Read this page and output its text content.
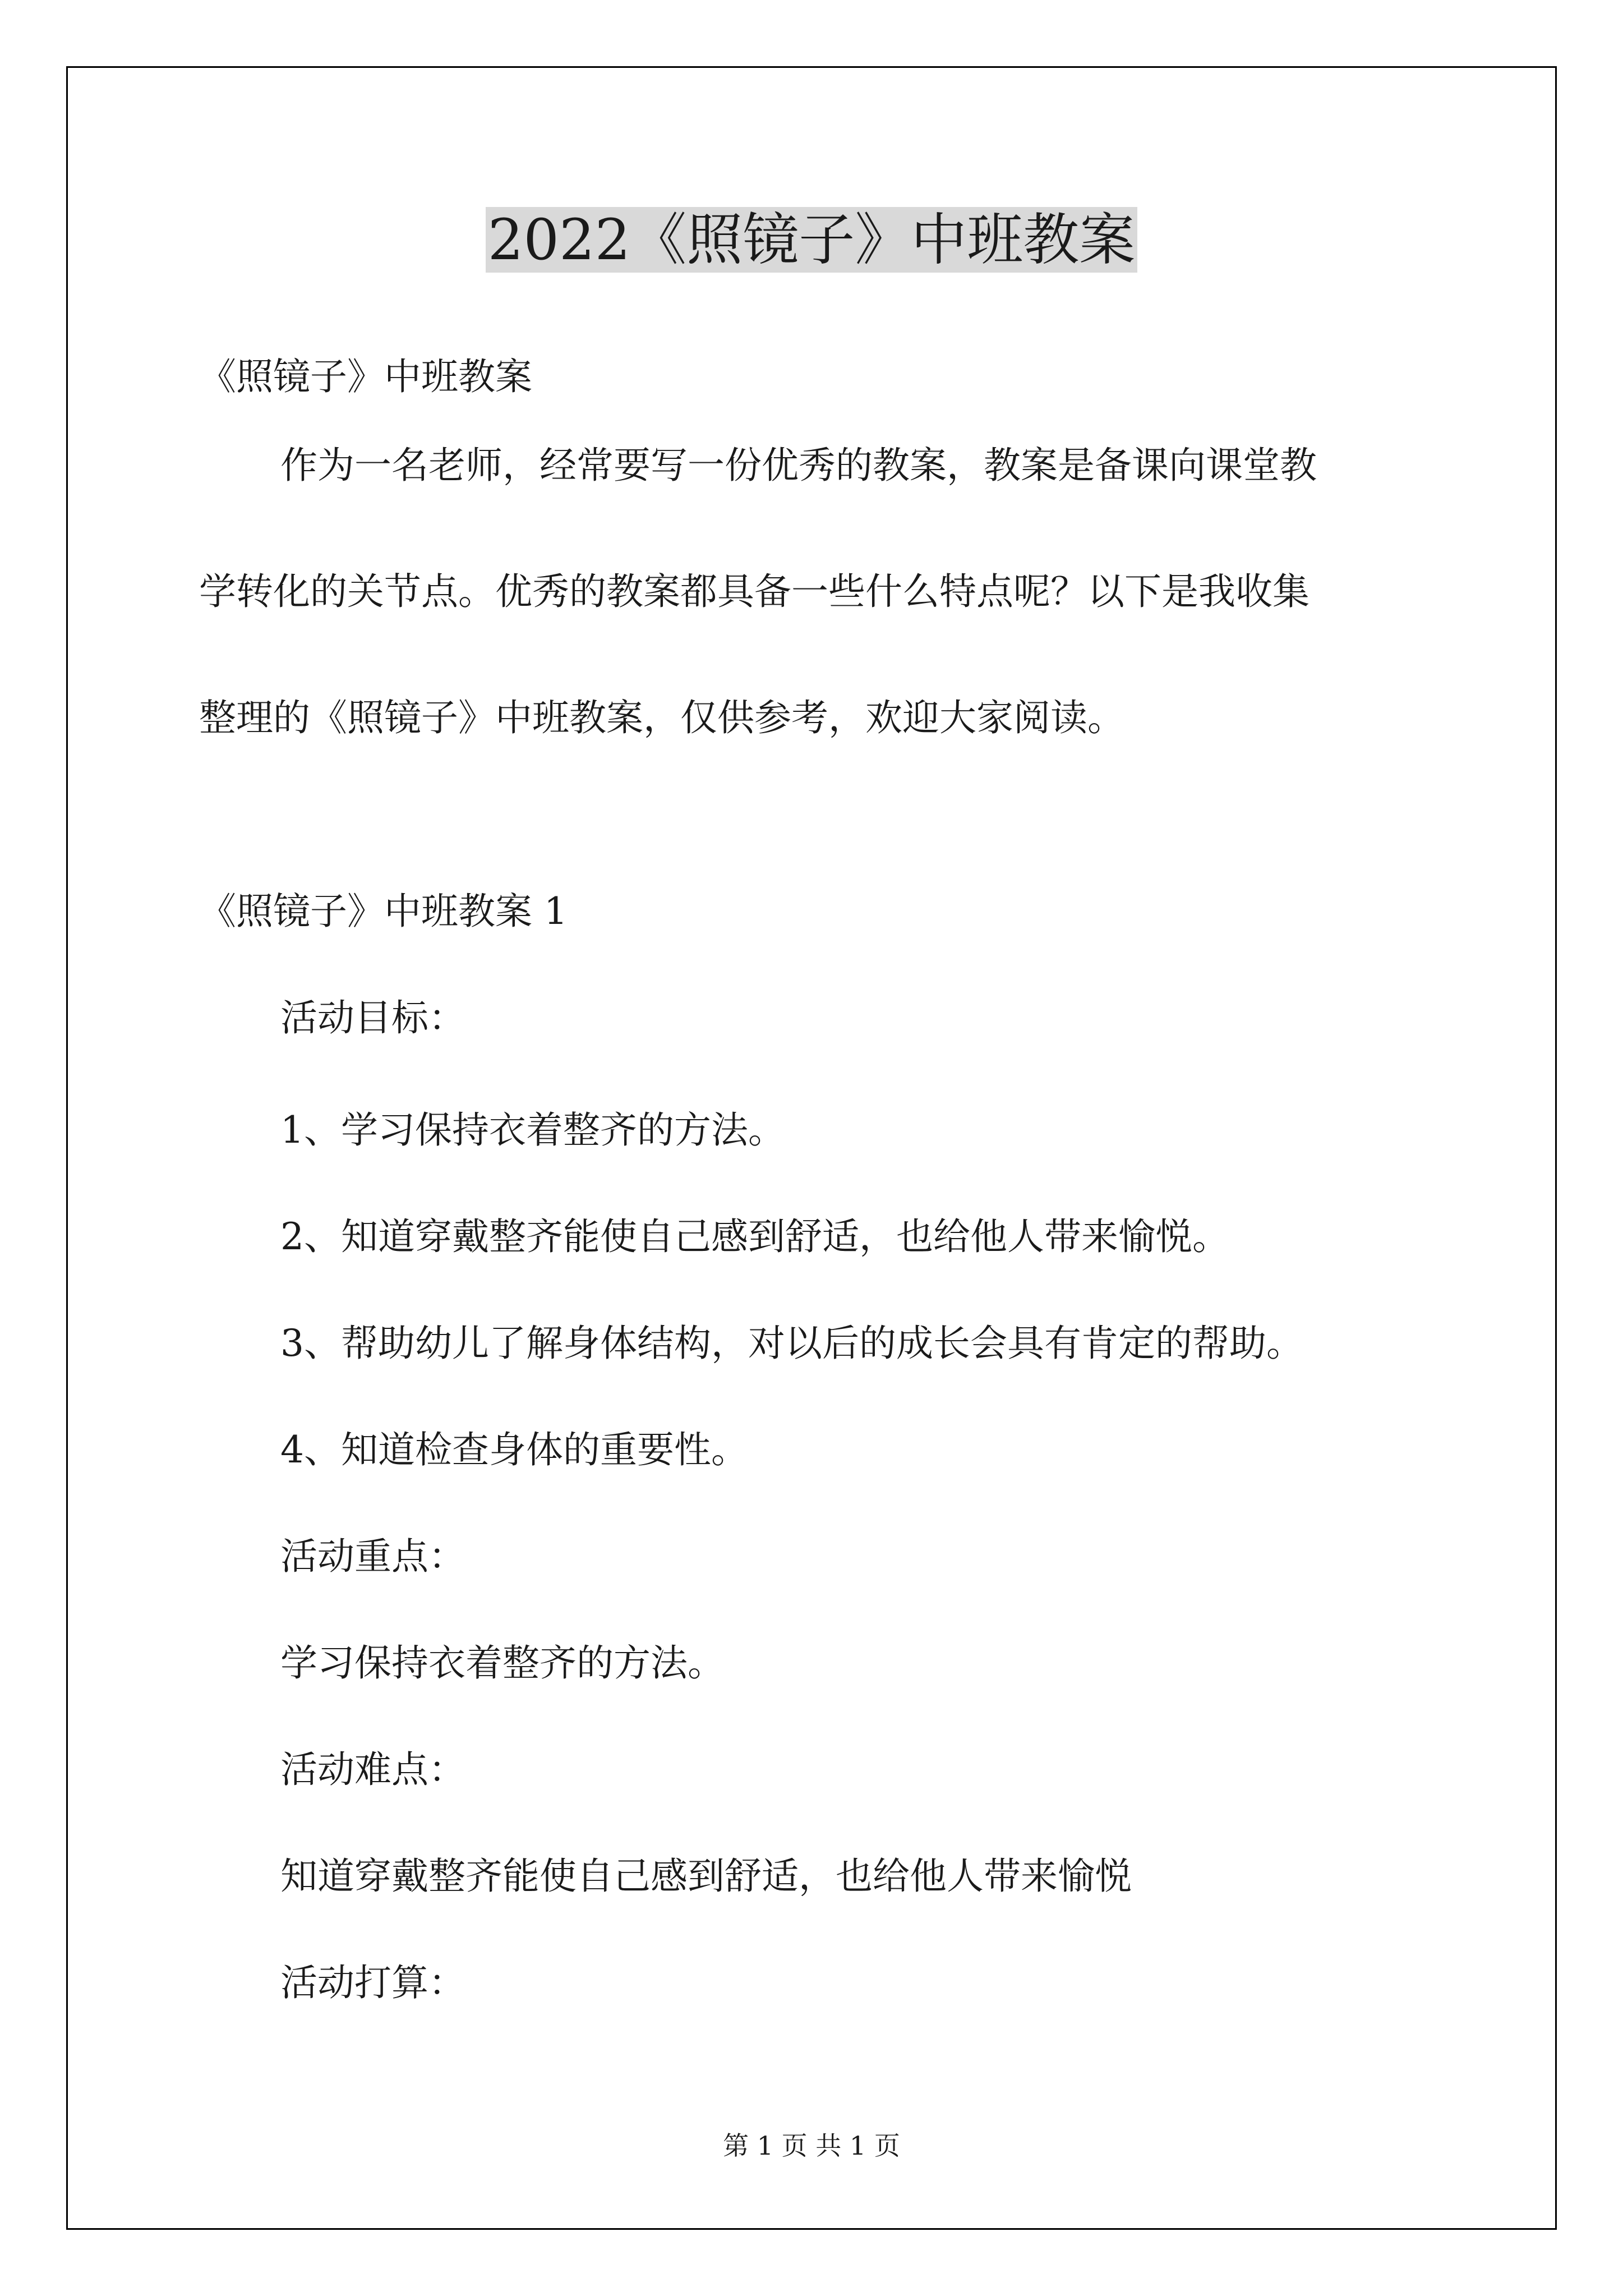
2022《照镜子》中班教案

《照镜子》中班教案

作为一名老师，经常要写一份优秀的教案，教案是备课向课堂教
学转化的关节点。优秀的教案都具备一些什么特点呢？以下是我收集
整理的《照镜子》中班教案，仅供参考，欢迎大家阅读。

《照镜子》中班教案 1

活动目标：

1、学习保持衣着整齐的方法。

2、知道穿戴整齐能使自己感到舒适，也给他人带来愉悦。

3、帮助幼儿了解身体结构，对以后的成长会具有肯定的帮助。

4、知道检查身体的重要性。

活动重点：

学习保持衣着整齐的方法。

活动难点：

知道穿戴整齐能使自己感到舒适，也给他人带来愉悦

活动打算：

第 1 页 共 1 页
